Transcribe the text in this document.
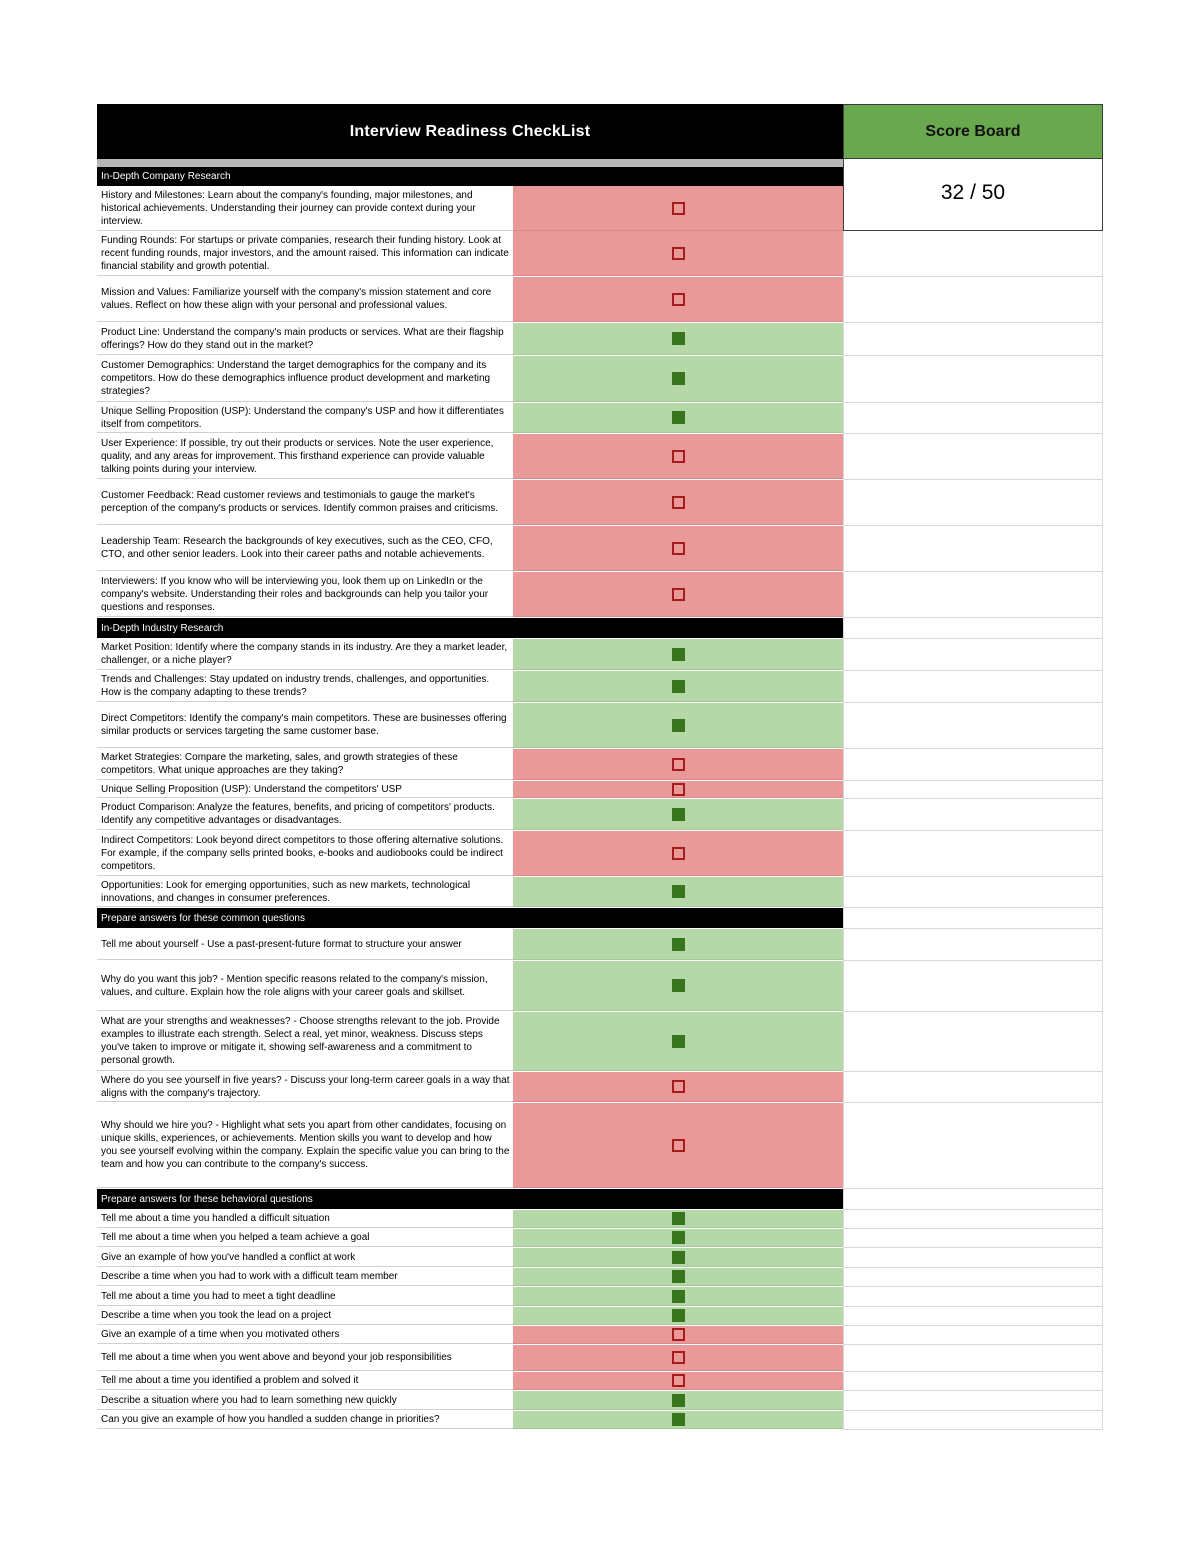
Interview Readiness CheckList	Score Board
In-Depth Company Research
32 / 50
History and Milestones: Learn about the company's founding, major milestones, and historical achievements. Understanding their journey can provide context during your interview.
Funding Rounds: For startups or private companies, research their funding history. Look at recent funding rounds, major investors, and the amount raised. This information can indicate financial stability and growth potential.
Mission and Values: Familiarize yourself with the company's mission statement and core values. Reflect on how these align with your personal and professional values.
Product Line: Understand the company's main products or services. What are their flagship offerings? How do they stand out in the market?
Customer Demographics: Understand the target demographics for the company and its competitors. How do these demographics influence product development and marketing strategies?
Unique Selling Proposition (USP): Understand the company's USP and how it differentiates itself from competitors.
User Experience: If possible, try out their products or services. Note the user experience, quality, and any areas for improvement. This firsthand experience can provide valuable talking points during your interview.
Customer Feedback: Read customer reviews and testimonials to gauge the market's perception of the company's products or services. Identify common praises and criticisms.
Leadership Team: Research the backgrounds of key executives, such as the CEO, CFO, CTO, and other senior leaders. Look into their career paths and notable achievements.
Interviewers: If you know who will be interviewing you, look them up on LinkedIn or the company's website. Understanding their roles and backgrounds can help you tailor your questions and responses.
In-Depth Industry Research
Market Position: Identify where the company stands in its industry. Are they a market leader, challenger, or a niche player?
Trends and Challenges: Stay updated on industry trends, challenges, and opportunities. How is the company adapting to these trends?
Direct Competitors: Identify the company's main competitors. These are businesses offering similar products or services targeting the same customer base.
Market Strategies: Compare the marketing, sales, and growth strategies of these competitors. What unique approaches are they taking?
Unique Selling Proposition (USP): Understand the competitors' USP
Product Comparison: Analyze the features, benefits, and pricing of competitors' products. Identify any competitive advantages or disadvantages.
Indirect Competitors: Look beyond direct competitors to those offering alternative solutions. For example, if the company sells printed books, e-books and audiobooks could be indirect competitors.
Opportunities: Look for emerging opportunities, such as new markets, technological innovations, and changes in consumer preferences.
Prepare answers for these common questions
Tell me about yourself - Use a past-present-future format to structure your answer
Why do you want this job? - Mention specific reasons related to the company's mission, values, and culture. Explain how the role aligns with your career goals and skillset.
What are your strengths and weaknesses? - Choose strengths relevant to the job. Provide examples to illustrate each strength. Select a real, yet minor, weakness. Discuss steps you've taken to improve or mitigate it, showing self-awareness and a commitment to personal growth.
Where do you see yourself in five years? - Discuss your long-term career goals in a way that aligns with the company's trajectory.
Why should we hire you? - Highlight what sets you apart from other candidates, focusing on unique skills, experiences, or achievements. Mention skills you want to develop and how you see yourself evolving within the company. Explain the specific value you can bring to the team and how you can contribute to the company's success.
Prepare answers for these behavioral questions
Tell me about a time you handled a difficult situation
Tell me about a time when you helped a team achieve a goal
Give an example of how you've handled a conflict at work
Describe a time when you had to work with a difficult team member
Tell me about a time you had to meet a tight deadline
Describe a time when you took the lead on a project
Give an example of a time when you motivated others
Tell me about a time when you went above and beyond your job responsibilities
Tell me about a time you identified a problem and solved it
Describe a situation where you had to learn something new quickly
Can you give an example of how you handled a sudden change in priorities?
